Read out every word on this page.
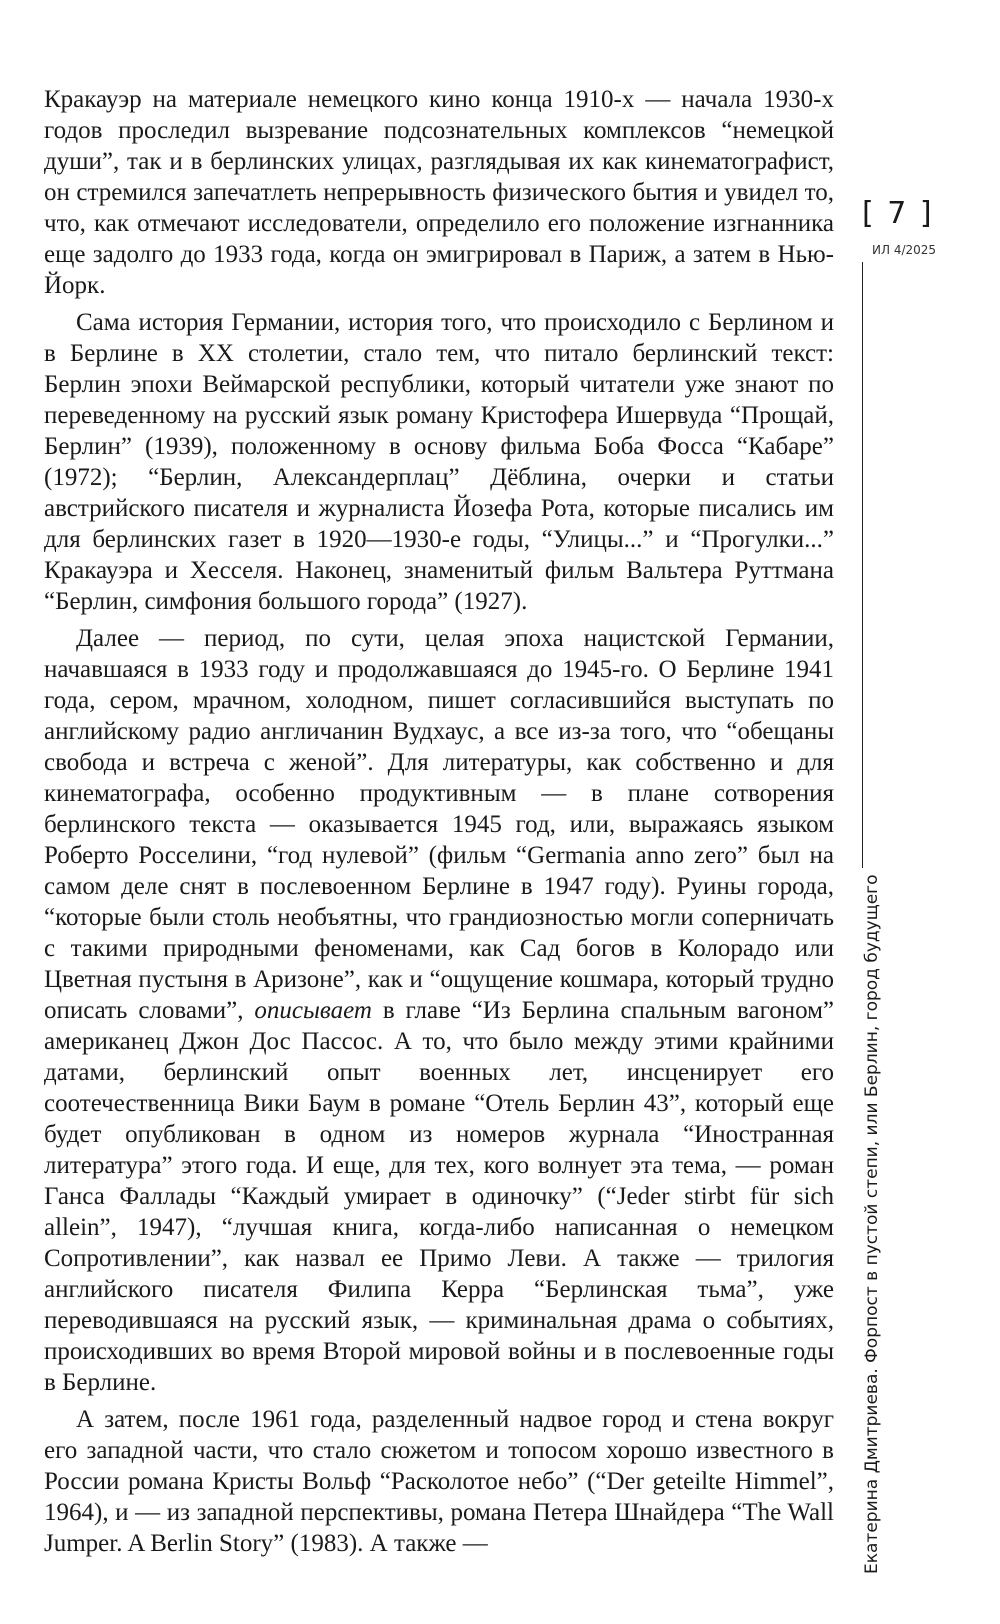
Кракауэр на материале немецкого кино конца 1910-х — начала 1930-х годов проследил вызревание подсознательных комплексов “немецкой души”, так и в берлинских улицах, разглядывая их как кинематографист, он стремился запечатлеть непрерывность физического бытия и увидел то, что, как отмечают исследователи, определило его положение изгнанника еще задолго до 1933 года, когда он эмигрировал в Париж, а затем в Нью-Йорк.

Сама история Германии, история того, что происходило с Берлином и в Берлине в XX столетии, стало тем, что питало берлинский текст: Берлин эпохи Веймарской республики, который читатели уже знают по переведенному на русский язык роману Кристофера Ишервуда “Прощай, Берлин” (1939), положенному в основу фильма Боба Фосса “Кабаре” (1972); “Берлин, Александерплац” Дёблина, очерки и статьи австрийского писателя и журналиста Йозефа Рота, которые писались им для берлинских газет в 1920—1930-е годы, “Улицы...” и “Прогулки...” Кракауэра и Хесселя. Наконец, знаменитый фильм Вальтера Руттмана “Берлин, симфония большого города” (1927).

Далее — период, по сути, целая эпоха нацистской Германии, начавшаяся в 1933 году и продолжавшаяся до 1945-го. О Берлине 1941 года, сером, мрачном, холодном, пишет согласившийся выступать по английскому радио англичанин Вудхаус, а все из-за того, что “обещаны свобода и встреча с женой”. Для литературы, как собственно и для кинематографа, особенно продуктивным — в плане сотворения берлинского текста — оказывается 1945 год, или, выражаясь языком Роберто Росселини, “год нулевой” (фильм “Germania anno zero” был на самом деле снят в послевоенном Берлине в 1947 году). Руины города, “которые были столь необъятны, что грандиозностью могли соперничать с такими природными феноменами, как Сад богов в Колорадо или Цветная пустыня в Аризоне”, как и “ощущение кошмара, который трудно описать словами”, описывает в главе “Из Берлина спальным вагоном” американец Джон Дос Пассос. А то, что было между этими крайними датами, берлинский опыт военных лет, инсценирует его соотечественница Вики Баум в романе “Отель Берлин 43”, который еще будет опубликован в одном из номеров журнала “Иностранная литература” этого года. И еще, для тех, кого волнует эта тема, — роман Ганса Фаллады “Каждый умирает в одиночку” (“Jeder stirbt für sich allein”, 1947), “лучшая книга, когда-либо написанная о немецком Сопротивлении”, как назвал ее Примо Леви. А также — трилогия английского писателя Филипа Керра “Берлинская тьма”, уже переводившаяся на русский язык, — криминальная драма о событиях, происходивших во время Второй мировой войны и в послевоенные годы в Берлине.

А затем, после 1961 года, разделенный надвое город и стена вокруг его западной части, что стало сюжетом и топосом хорошо известного в России романа Кристы Вольф “Расколотое небо” (“Der geteilte Himmel”, 1964), и — из западной перспективы, романа Петера Шнайдера “The Wall Jumper. A Berlin Story” (1983). А также —

[ 7 ]
ИЛ 4/2025
Екатерина Дмитриева. Форпост в пустой степи, или Берлин, город будущего
